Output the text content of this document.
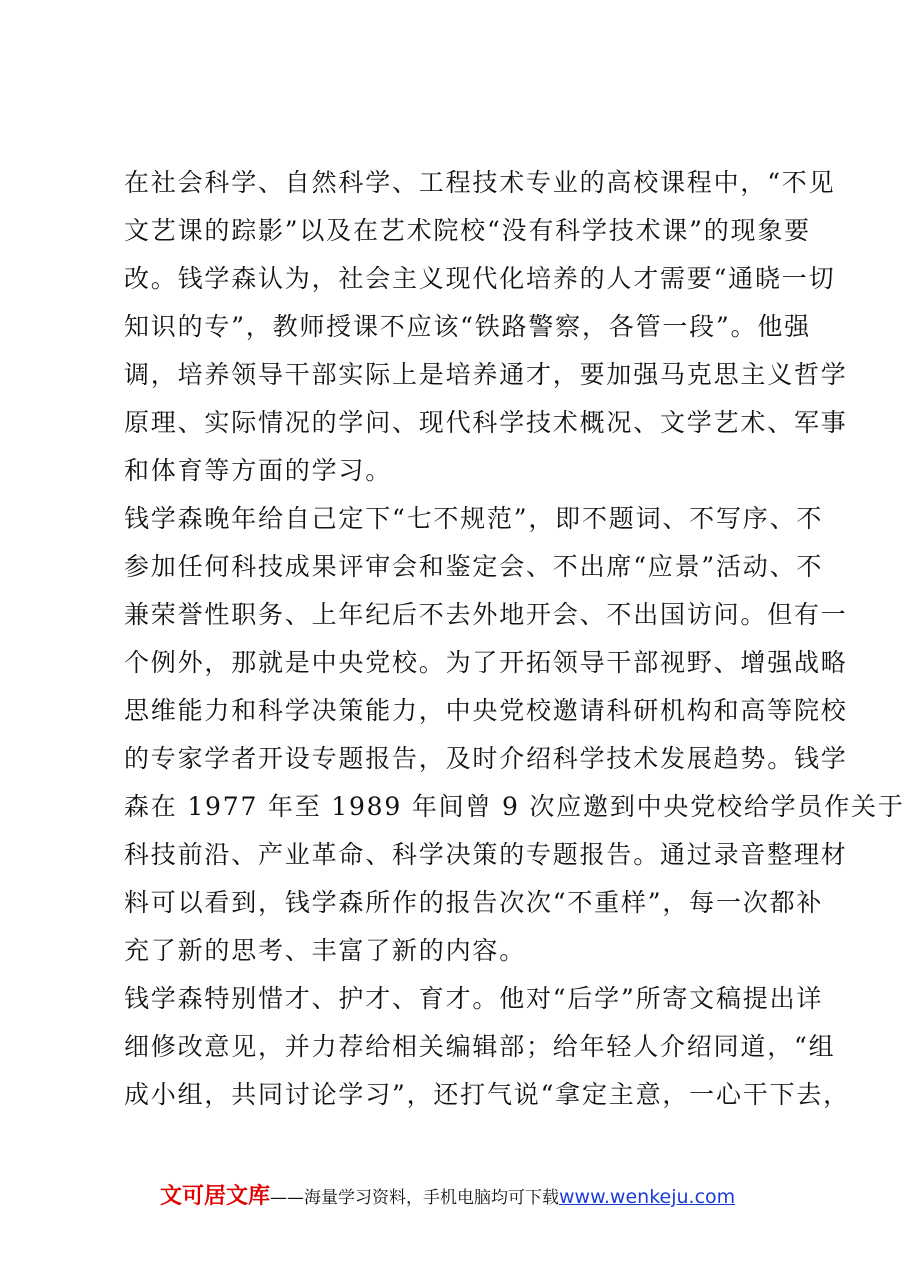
在社会科学、自然科学、工程技术专业的高校课程中，“不见
文艺课的踪影”以及在艺术院校“没有科学技术课”的现象要
改。钱学森认为，社会主义现代化培养的人才需要“通晓一切
知识的专”，教师授课不应该“铁路警察，各管一段”。他强
调，培养领导干部实际上是培养通才，要加强马克思主义哲学
原理、实际情况的学问、现代科学技术概况、文学艺术、军事
和体育等方面的学习。
钱学森晚年给自己定下“七不规范”，即不题词、不写序、不
参加任何科技成果评审会和鉴定会、不出席“应景”活动、不
兼荣誉性职务、上年纪后不去外地开会、不出国访问。但有一
个例外，那就是中央党校。为了开拓领导干部视野、增强战略
思维能力和科学决策能力，中央党校邀请科研机构和高等院校
的专家学者开设专题报告，及时介绍科学技术发展趋势。钱学
森在 1977 年至 1989 年间曾 9 次应邀到中央党校给学员作关于
科技前沿、产业革命、科学决策的专题报告。通过录音整理材
料可以看到，钱学森所作的报告次次“不重样”，每一次都补
充了新的思考、丰富了新的内容。
钱学森特别惜才、护才、育才。他对“后学”所寄文稿提出详
细修改意见，并力荐给相关编辑部；给年轻人介绍同道，“组
成小组，共同讨论学习”，还打气说“拿定主意，一心干下去，
文可居文库——海量学习资料，手机电脑均可下载www.wenkeju.com
